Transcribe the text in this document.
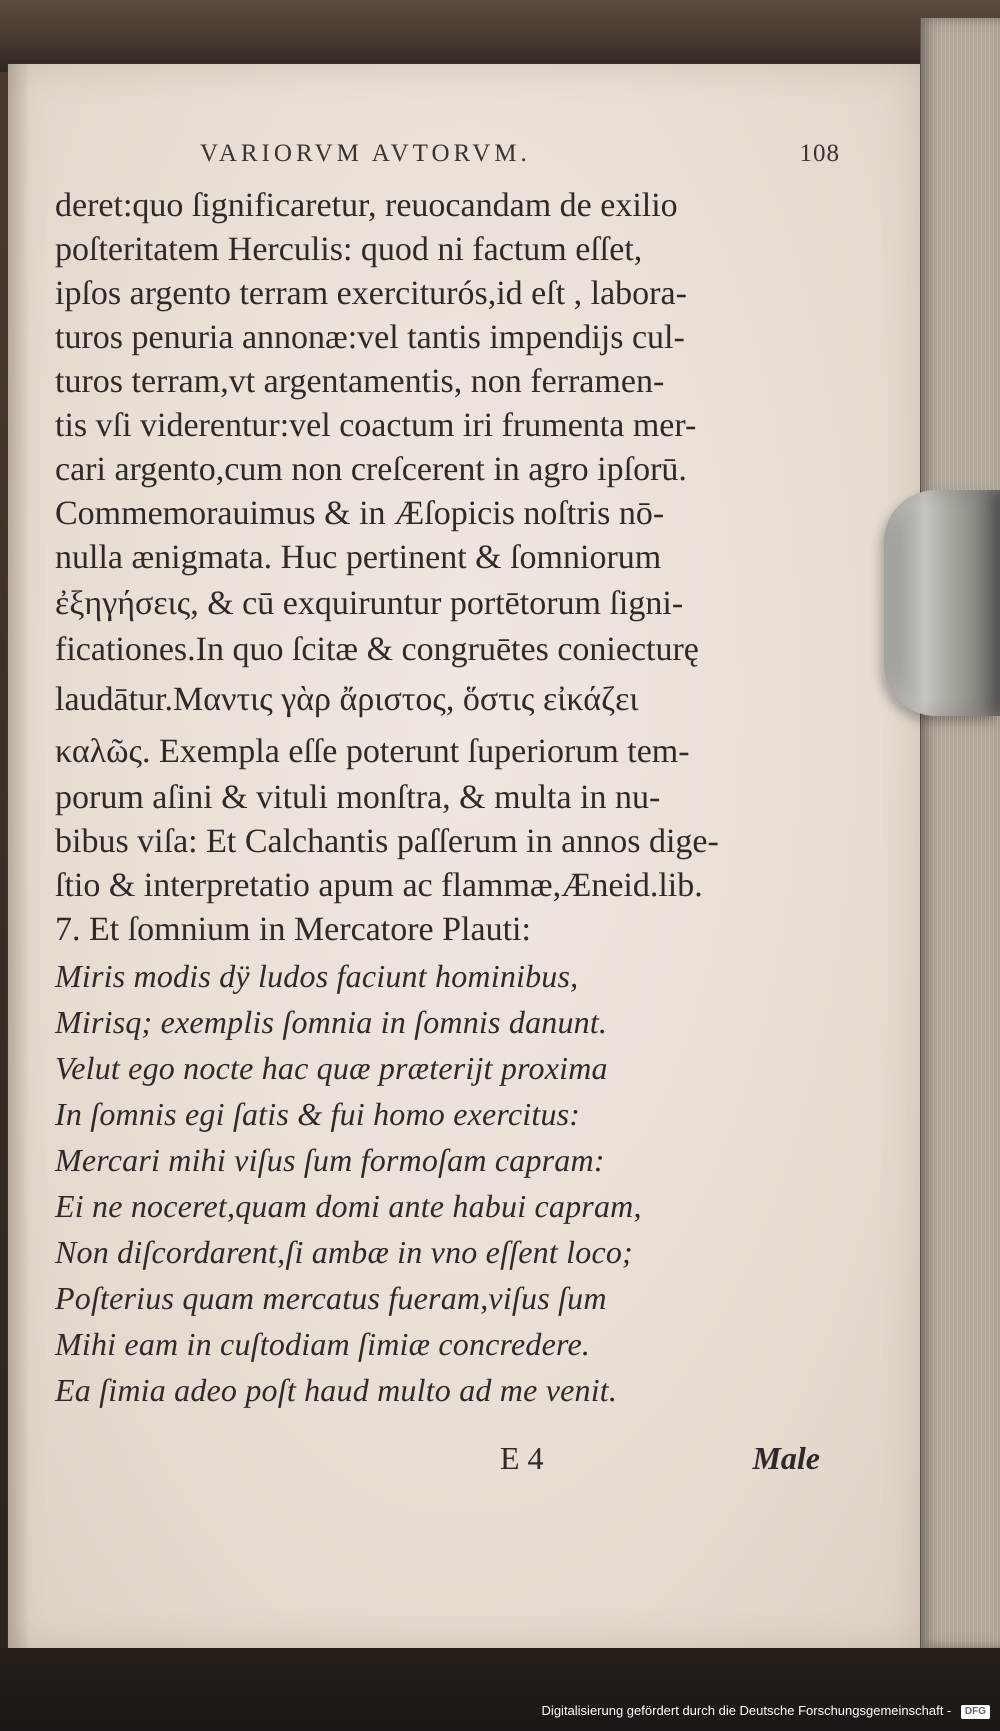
VARIORVM AVTORVM.	108
deret:quo ſignificaretur, reuocandam de exilio
poſteritatem Herculis: quod ni factum eſſet,
ipſos argento terram exerciturós,id eſt , labora-
turos penuria annonæ:vel tantis impendijs cul-
turos terram,vt argentamentis, non ferramen-
tis vſi viderentur:vel coactum iri frumenta mer-
cari argento,cum non creſcerent in agro ipſorū.
Commemorauimus & in Æſopicis noſtris nō-
nulla ænigmata. Huc pertinent & ſomniorum
ἐξηγήσεις, & cū exquiruntur portētorum ſigni-
ficationes.In quo ſcitæ & congruētes coniecturę
laudātur.Μαντις γὰρ ἄριστος, ὅστις εἰκάζει
καλῶς. Exempla eſſe poterunt ſuperiorum tem-
porum aſini & vituli monſtra, & multa in nu-
bibus viſa: Et Calchantis paſſerum in annos dige-
ſtio & interpretatio apum ac flammæ,Æneid.lib.
7. Et ſomnium in Mercatore Plauti:
Miris modis dÿ ludos faciunt hominibus,
Mirisq; exemplis ſomnia in ſomnis danunt.
Velut ego nocte hac quæ præterijt proxima
In ſomnis egi ſatis & fui homo exercitus:
Mercari mihi viſus ſum formoſam capram:
Ei ne noceret,quam domi ante habui capram,
Non diſcordarent,ſi ambæ in vno eſſent loco;
Poſterius quam mercatus fueram,viſus ſum
Mihi eam in cuſtodiam ſimiæ concredere.
Ea ſimia adeo poſt haud multo ad me venit.
E 4	Male
Digitalisierung gefördert durch die Deutsche Forschungsgemeinschaft - DFG
